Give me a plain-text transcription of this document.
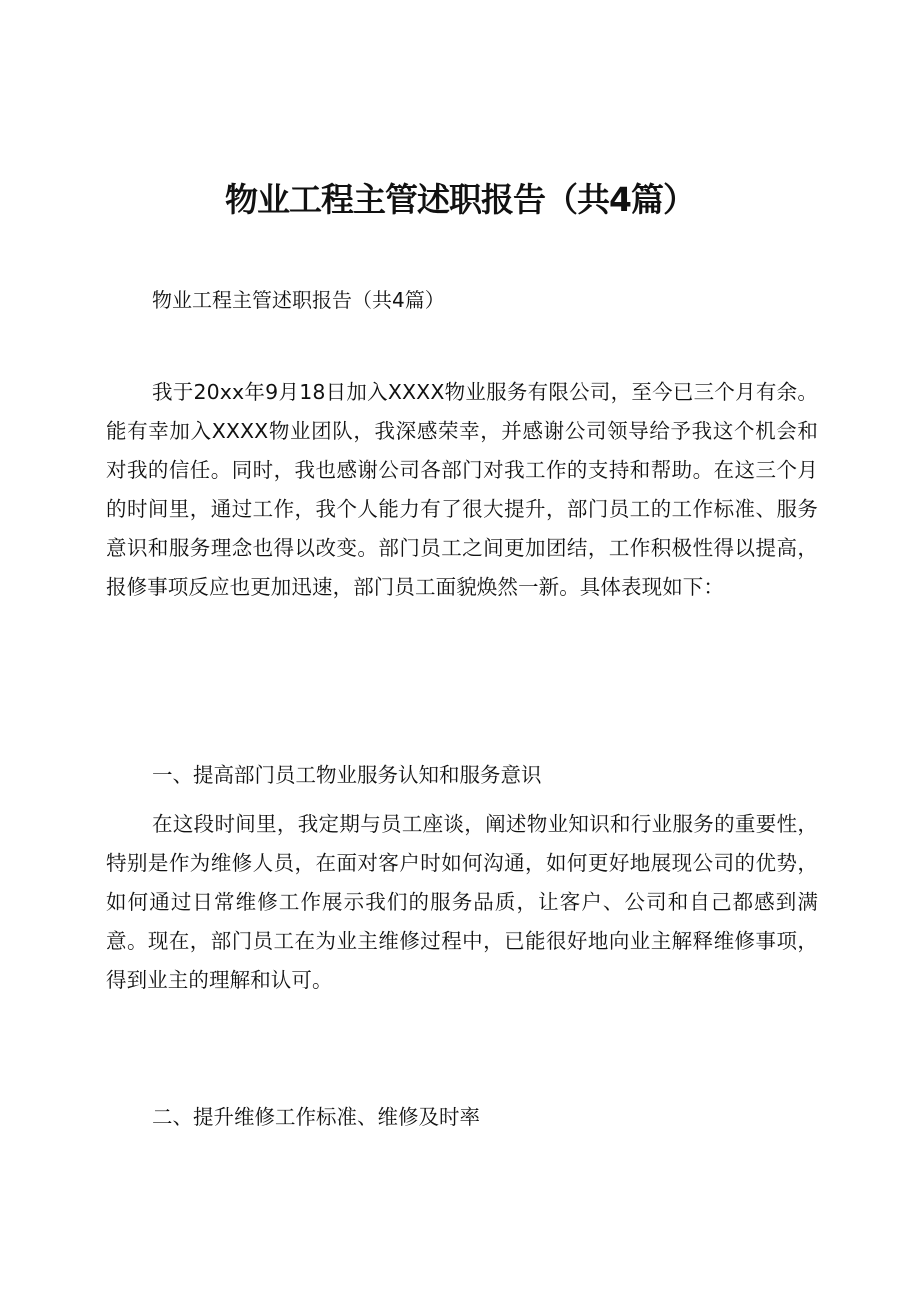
物业工程主管述职报告（共4篇）

物业工程主管述职报告（共4篇）

我于20xx年9月18日加入XXXX物业服务有限公司，至今已三个月有余。能有幸加入XXXX物业团队，我深感荣幸，并感谢公司领导给予我这个机会和对我的信任。同时，我也感谢公司各部门对我工作的支持和帮助。在这三个月的时间里，通过工作，我个人能力有了很大提升，部门员工的工作标准、服务意识和服务理念也得以改变。部门员工之间更加团结，工作积极性得以提高，报修事项反应也更加迅速，部门员工面貌焕然一新。具体表现如下：

一、提高部门员工物业服务认知和服务意识

在这段时间里，我定期与员工座谈，阐述物业知识和行业服务的重要性，特别是作为维修人员，在面对客户时如何沟通，如何更好地展现公司的优势，如何通过日常维修工作展示我们的服务品质，让客户、公司和自己都感到满意。现在，部门员工在为业主维修过程中，已能很好地向业主解释维修事项，得到业主的理解和认可。

二、提升维修工作标准、维修及时率
